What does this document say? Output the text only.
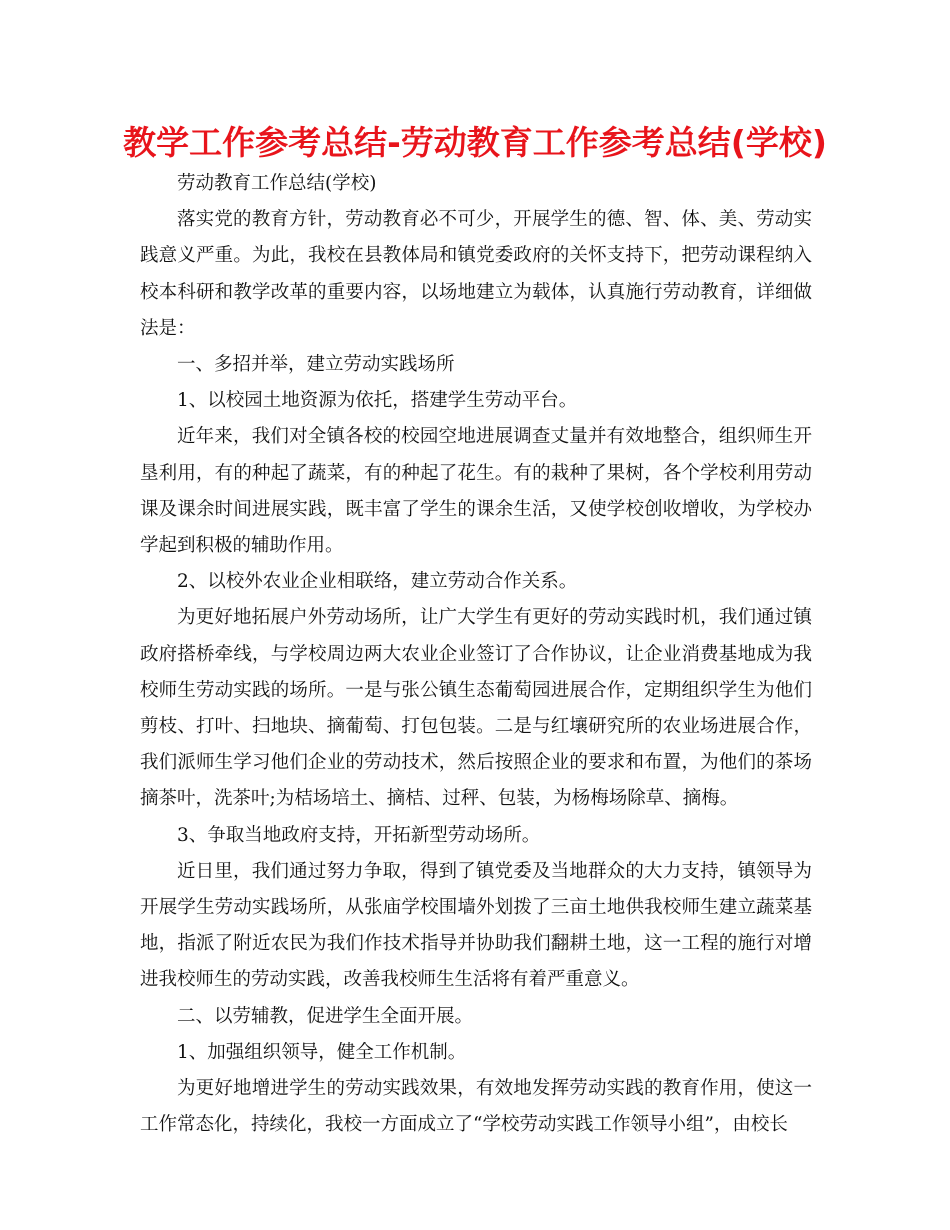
教学工作参考总结-劳动教育工作参考总结(学校)

劳动教育工作总结(学校)

落实党的教育方针，劳动教育必不可少，开展学生的德、智、体、美、劳动实践意义严重。为此，我校在县教体局和镇党委政府的关怀支持下，把劳动课程纳入校本科研和教学改革的重要内容，以场地建立为载体，认真施行劳动教育，详细做法是：

一、多招并举，建立劳动实践场所

1、以校园土地资源为依托，搭建学生劳动平台。

近年来，我们对全镇各校的校园空地进展调查丈量并有效地整合，组织师生开垦利用，有的种起了蔬菜，有的种起了花生。有的栽种了果树，各个学校利用劳动课及课余时间进展实践，既丰富了学生的课余生活，又使学校创收增收，为学校办学起到积极的辅助作用。

2、以校外农业企业相联络，建立劳动合作关系。

为更好地拓展户外劳动场所，让广大学生有更好的劳动实践时机，我们通过镇政府搭桥牵线，与学校周边两大农业企业签订了合作协议，让企业消费基地成为我校师生劳动实践的场所。一是与张公镇生态葡萄园进展合作，定期组织学生为他们剪枝、打叶、扫地块、摘葡萄、打包包装。二是与红壤研究所的农业场进展合作，我们派师生学习他们企业的劳动技术，然后按照企业的要求和布置，为他们的茶场摘茶叶，洗茶叶;为桔场培土、摘桔、过秤、包装，为杨梅场除草、摘梅。

3、争取当地政府支持，开拓新型劳动场所。

近日里，我们通过努力争取，得到了镇党委及当地群众的大力支持，镇领导为开展学生劳动实践场所，从张庙学校围墙外划拨了三亩土地供我校师生建立蔬菜基地，指派了附近农民为我们作技术指导并协助我们翻耕土地，这一工程的施行对增进我校师生的劳动实践，改善我校师生生活将有着严重意义。

二、以劳辅教，促进学生全面开展。

1、加强组织领导，健全工作机制。

为更好地增进学生的劳动实践效果，有效地发挥劳动实践的教育作用，使这一工作常态化，持续化，我校一方面成立了“学校劳动实践工作领导小组”，由校长
